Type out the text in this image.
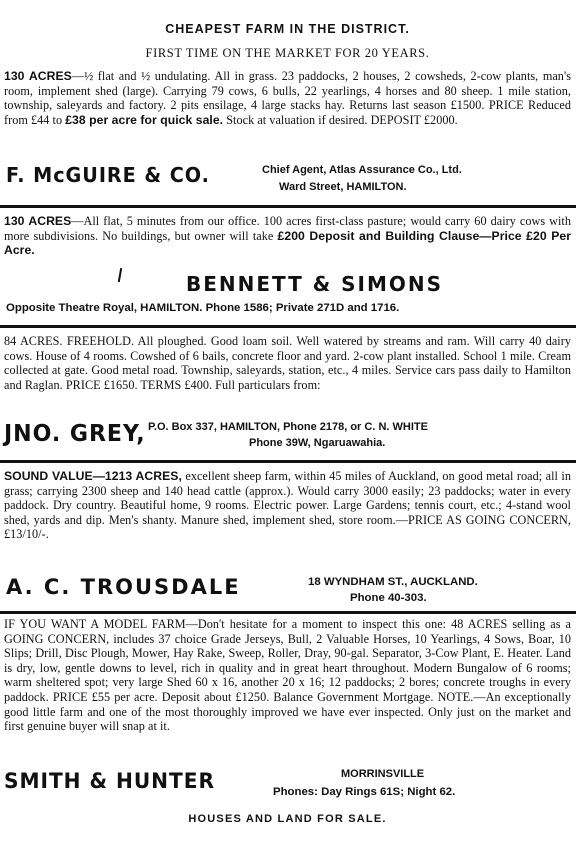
CHEAPEST FARM IN THE DISTRICT.
FIRST TIME ON THE MARKET FOR 20 YEARS.
130 ACRES—½ flat and ½ undulating. All in grass. 23 paddocks, 2 houses, 2 cowsheds, 2-cow plants, man's room, implement shed (large). Carrying 79 cows, 6 bulls, 22 yearlings, 4 horses and 80 sheep. 1 mile station, township, saleyards and factory. 2 pits ensilage, 4 large stacks hay. Returns last season £1500. PRICE Reduced from £44 to £38 per acre for quick sale. Stock at valuation if desired. DEPOSIT £2000.
F. McGUIRE & CO.	Chief Agent, Atlas Assurance Co., Ltd.
Ward Street, HAMILTON.
130 ACRES—All flat, 5 minutes from our office. 100 acres first-class pasture; would carry 60 dairy cows with more subdivisions. No buildings, but owner will take £200 Deposit and Building Clause—Price £20 Per Acre.
BENNETT & SIMONS
Opposite Theatre Royal, HAMILTON. Phone 1586; Private 271D and 1716.
84 ACRES. FREEHOLD. All ploughed. Good loam soil. Well watered by streams and ram. Will carry 40 dairy cows. House of 4 rooms. Cowshed of 6 bails, concrete floor and yard. 2-cow plant installed. School 1 mile. Cream collected at gate. Good metal road. Township, saleyards, station, etc., 4 miles. Service cars pass daily to Hamilton and Raglan. PRICE £1650. TERMS £400. Full particulars from:
JNO. GREY, P.O. Box 337, HAMILTON, Phone 2178, or C. N. WHITE
Phone 39W, Ngaruawahia.
SOUND VALUE—1213 ACRES, excellent sheep farm, within 45 miles of Auckland, on good metal road; all in grass; carrying 2300 sheep and 140 head cattle (approx.). Would carry 3000 easily; 23 paddocks; water in every paddock. Dry country. Beautiful home, 9 rooms. Electric power. Large Gardens; tennis court, etc.; 4-stand wool shed, yards and dip. Men's shanty. Manure shed, implement shed, store room.—PRICE AS GOING CONCERN, £13/10/-.
A. C. TROUSDALE	18 WYNDHAM ST., AUCKLAND.
Phone 40-303.
IF YOU WANT A MODEL FARM—Don't hesitate for a moment to inspect this one: 48 ACRES selling as a GOING CONCERN, includes 37 choice Grade Jerseys, Bull, 2 Valuable Horses, 10 Yearlings, 4 Sows, Boar, 10 Slips; Drill, Disc Plough, Mower, Hay Rake, Sweep, Roller, Dray, 90-gal. Separator, 3-Cow Plant, E. Heater. Land is dry, low, gentle downs to level, rich in quality and in great heart throughout. Modern Bungalow of 6 rooms; warm sheltered spot; very large Shed 60 x 16, another 20 x 16; 12 paddocks; 2 bores; concrete troughs in every paddock. PRICE £55 per acre. Deposit about £1250. Balance Government Mortgage. NOTE.—An exceptionally good little farm and one of the most thoroughly improved we have ever inspected. Only just on the market and first genuine buyer will snap at it.
SMITH & HUNTER	MORRINSVILLE
Phones: Day Rings 61S; Night 62.
HOUSES AND LAND FOR SALE.
